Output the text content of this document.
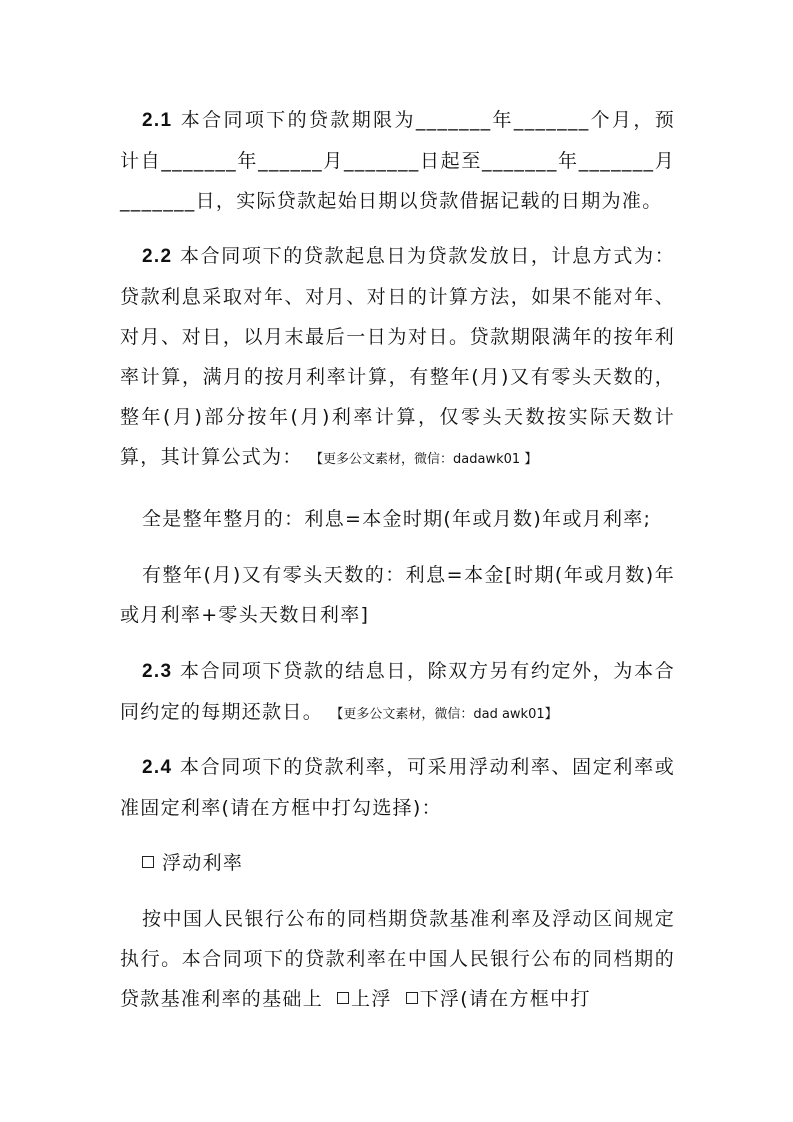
2.1 本合同项下的贷款期限为_______年_______个月，预计自_______年______月_______日起至_______年_______月_______日，实际贷款起始日期以贷款借据记载的日期为准。

2.2 本合同项下的贷款起息日为贷款发放日，计息方式为：贷款利息采取对年、对月、对日的计算方法，如果不能对年、对月、对日，以月末最后一日为对日。贷款期限满年的按年利率计算，满月的按月利率计算，有整年(月)又有零头天数的，整年(月)部分按年(月)利率计算，仅零头天数按实际天数计算，其计算公式为： 【更多公文素材，微信：dadawk01 】

全是整年整月的：利息=本金时期(年或月数)年或月利率;

有整年(月)又有零头天数的：利息=本金[时期(年或月数)年或月利率+零头天数日利率]

2.3 本合同项下贷款的结息日，除双方另有约定外，为本合同约定的每期还款日。 【更多公文素材，微信：dad awk01】

2.4 本合同项下的贷款利率，可采用浮动利率、固定利率或准固定利率(请在方框中打勾选择)：

浮动利率

按中国人民银行公布的同档期贷款基准利率及浮动区间规定执行。本合同项下的贷款利率在中国人民银行公布的同档期的贷款基准利率的基础上 上浮 下浮(请在方框中打
